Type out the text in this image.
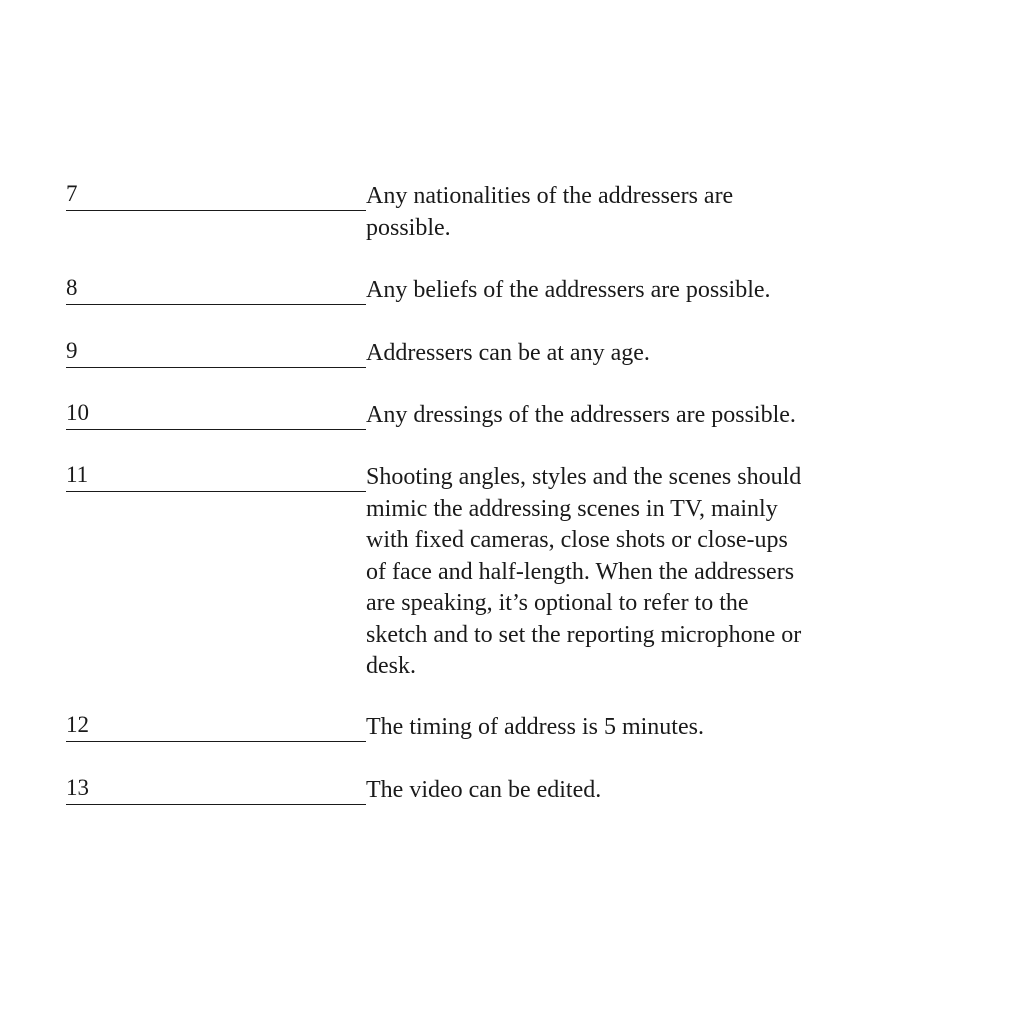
7	Any nationalities of the addressers are
possible.
8	Any beliefs of the addressers are possible.
9	Addressers can be at any age.
10	Any dressings of the addressers are possible.
11	Shooting angles, styles and the scenes should
mimic the addressing scenes in TV, mainly
with fixed cameras, close shots or close-ups
of face and half-length. When the addressers
are speaking, it’s optional to refer to the
sketch and to set the reporting microphone or
desk.
12	The timing of address is 5 minutes.
13	The video can be edited.
